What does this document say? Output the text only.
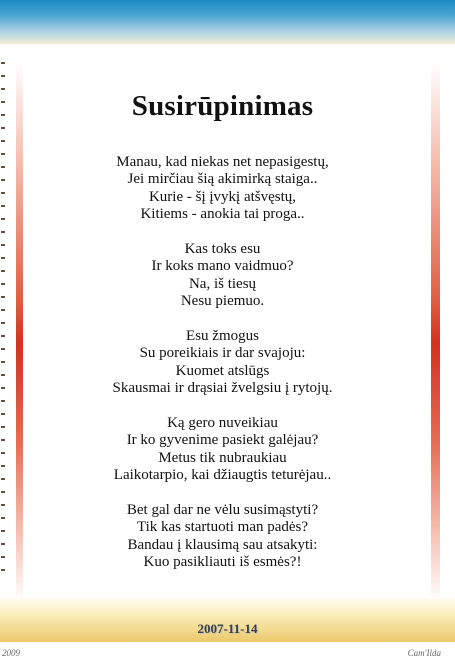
Susirūpinimas
Manau, kad niekas net nepasigestų,
Jei mirčiau šią akimirką staiga..
Kurie - šį įvykį atšvęstų,
Kitiems - anokia tai proga..
Kas toks esu
Ir koks mano vaidmuo?
Na, iš tiesų
Nesu piemuo.
Esu žmogus
Su poreikiais ir dar svajoju:
Kuomet atslūgs
Skausmai ir drąsiai žvelgsiu į rytojų.
Ką gero nuveikiau
Ir ko gyvenime pasiekt galėjau?
Metus tik nubraukiau
Laikotarpio, kai džiaugtis teturėjau..
Bet gal dar ne vėlu susimąstyti?
Tik kas startuoti man padės?
Bandau į klausimą sau atsakyti:
Kuo pasikliauti iš esmės?!
2007-11-14
2009	Cam'Ilda
